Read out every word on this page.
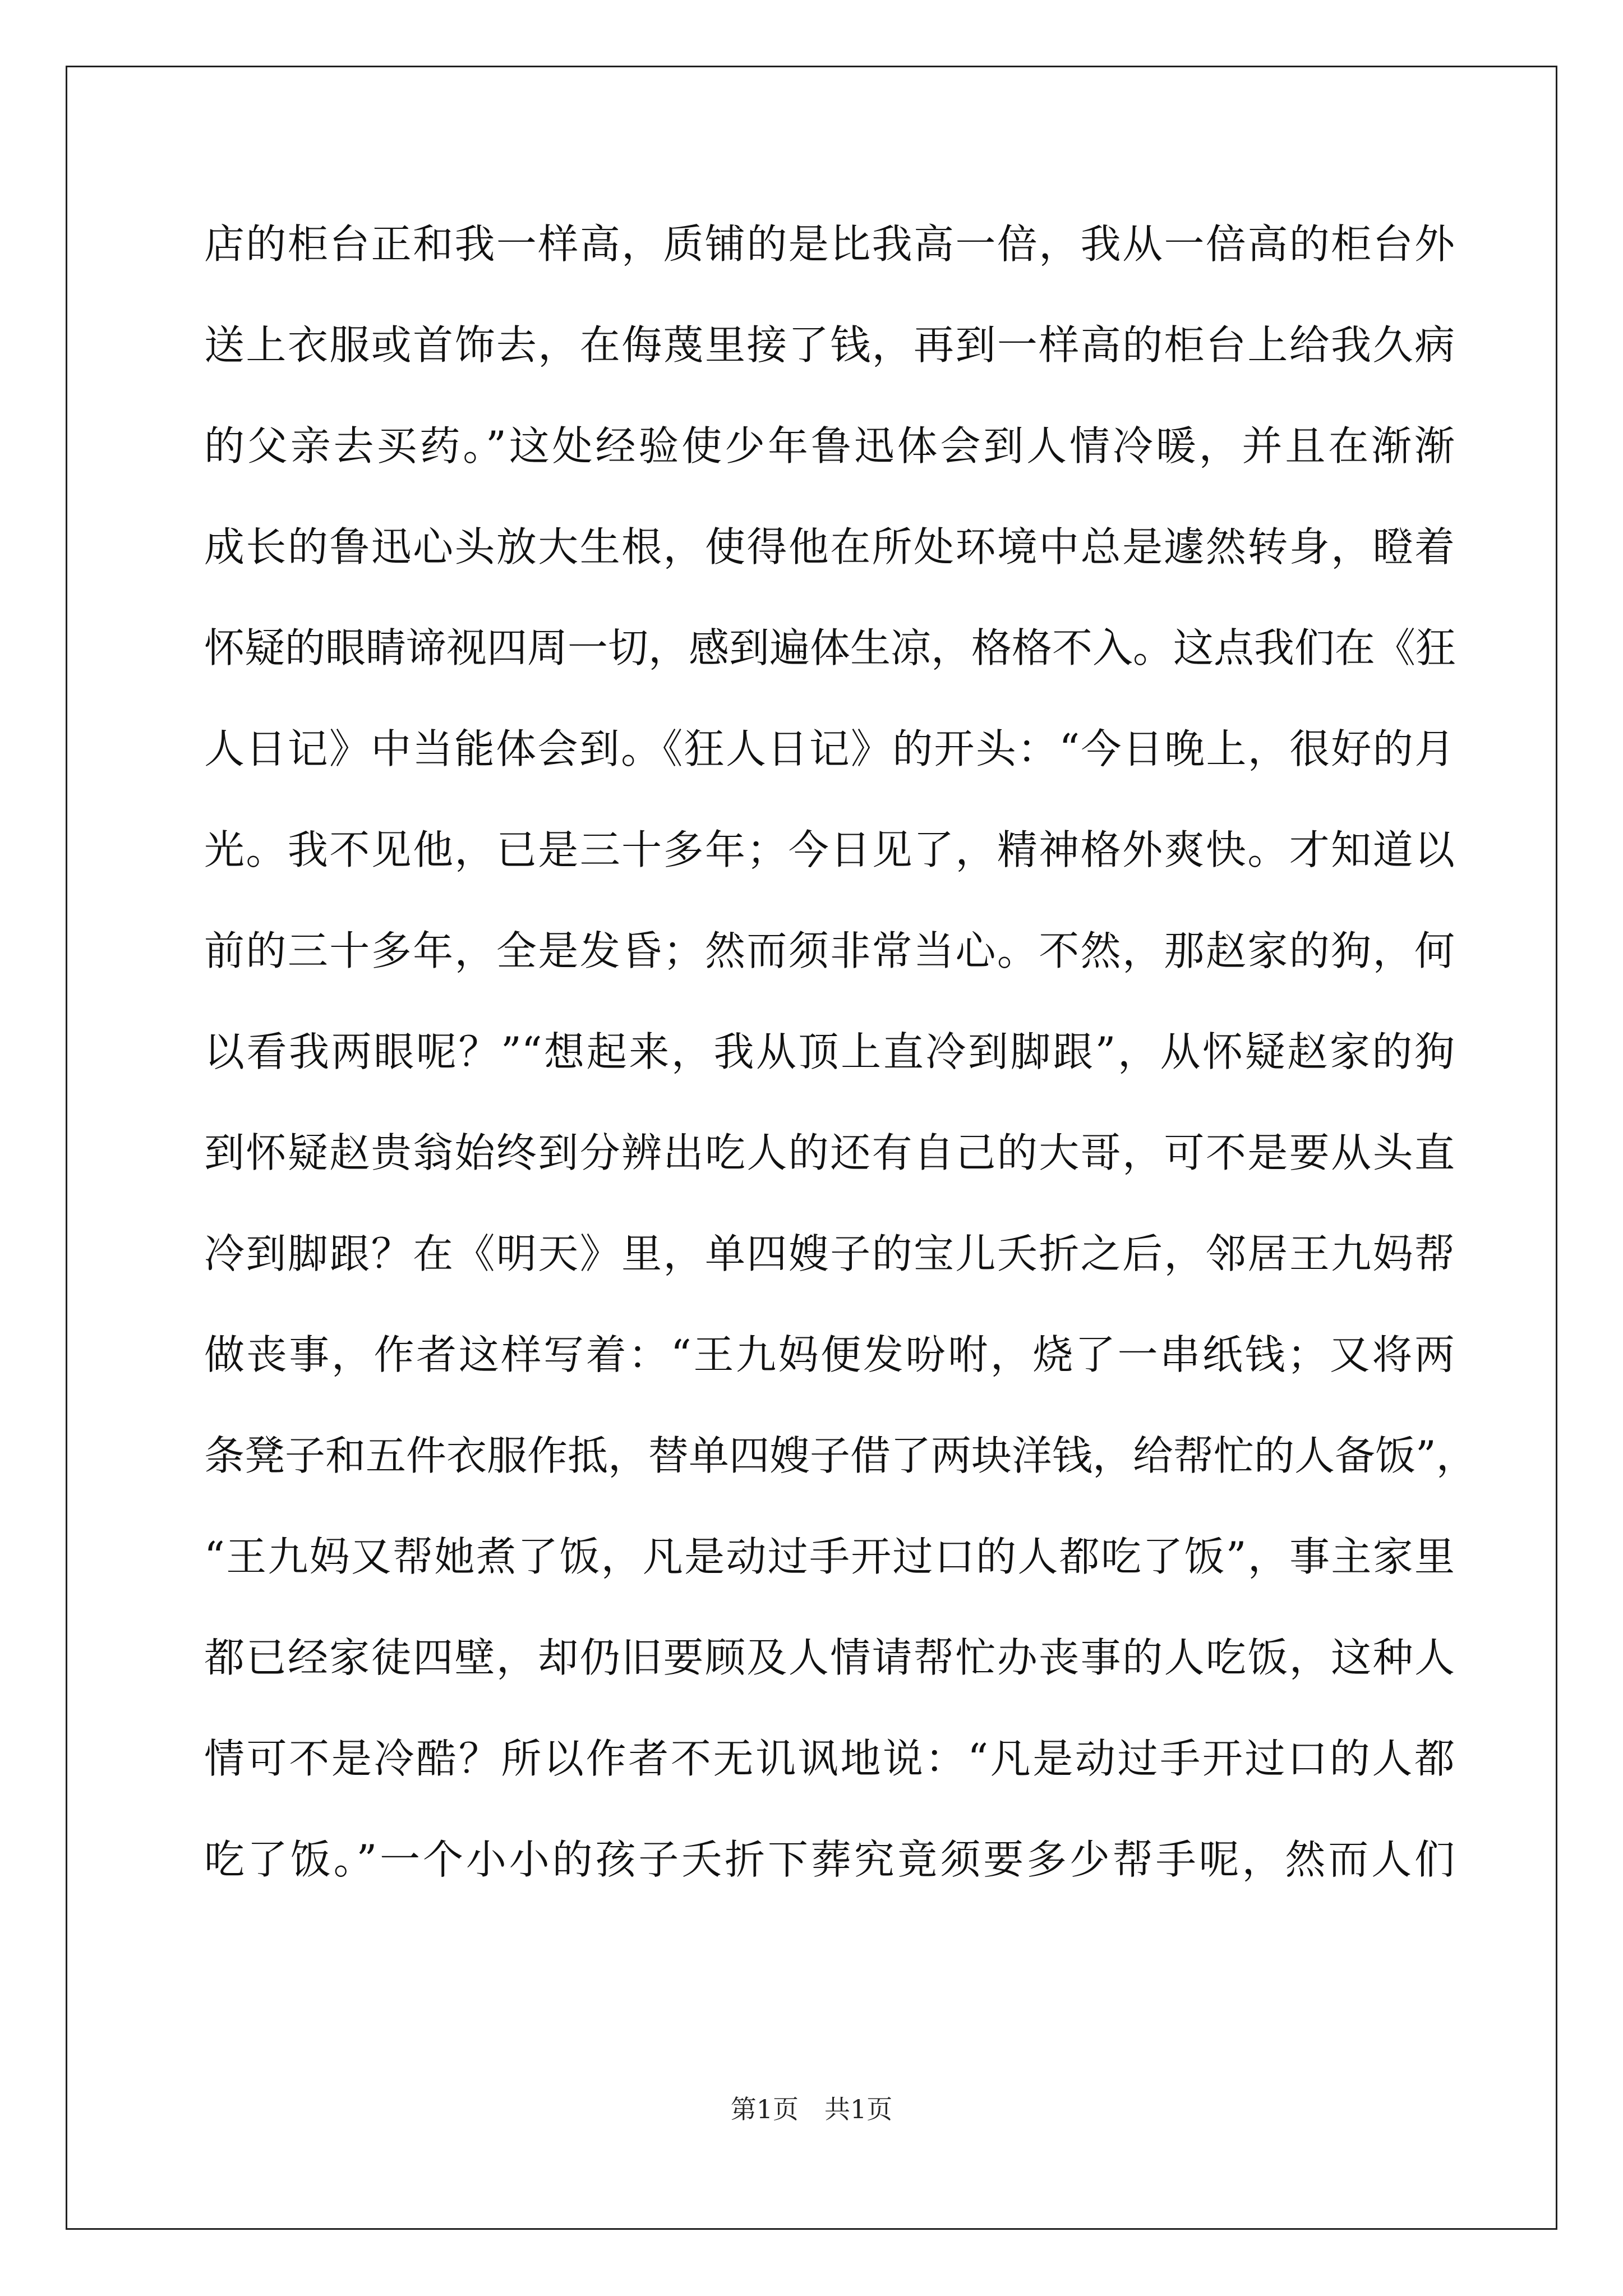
店的柜台正和我一样高，质铺的是比我高一倍，我从一倍高的柜台外
送上衣服或首饰去，在侮蔑里接了钱，再到一样高的柜台上给我久病
的父亲去买药。”这处经验使少年鲁迅体会到人情冷暖，并且在渐渐
成长的鲁迅心头放大生根，使得他在所处环境中总是遽然转身，瞪着
怀疑的眼睛谛视四周一切，感到遍体生凉，格格不入。这点我们在《狂
人日记》中当能体会到。《狂人日记》的开头：“今日晚上，很好的月
光。我不见他，已是三十多年；今日见了，精神格外爽快。才知道以
前的三十多年，全是发昏；然而须非常当心。不然，那赵家的狗，何
以看我两眼呢？”“想起来，我从顶上直冷到脚跟”，从怀疑赵家的狗
到怀疑赵贵翁始终到分辨出吃人的还有自己的大哥，可不是要从头直
冷到脚跟？在《明天》里，单四嫂子的宝儿夭折之后，邻居王九妈帮
做丧事，作者这样写着：“王九妈便发吩咐，烧了一串纸钱；又将两
条凳子和五件衣服作抵，替单四嫂子借了两块洋钱，给帮忙的人备饭”，
“王九妈又帮她煮了饭，凡是动过手开过口的人都吃了饭”，事主家里
都已经家徒四壁，却仍旧要顾及人情请帮忙办丧事的人吃饭，这种人
情可不是冷酷？所以作者不无讥讽地说：“凡是动过手开过口的人都
吃了饭。”一个小小的孩子夭折下葬究竟须要多少帮手呢，然而人们
第1页　共1页
